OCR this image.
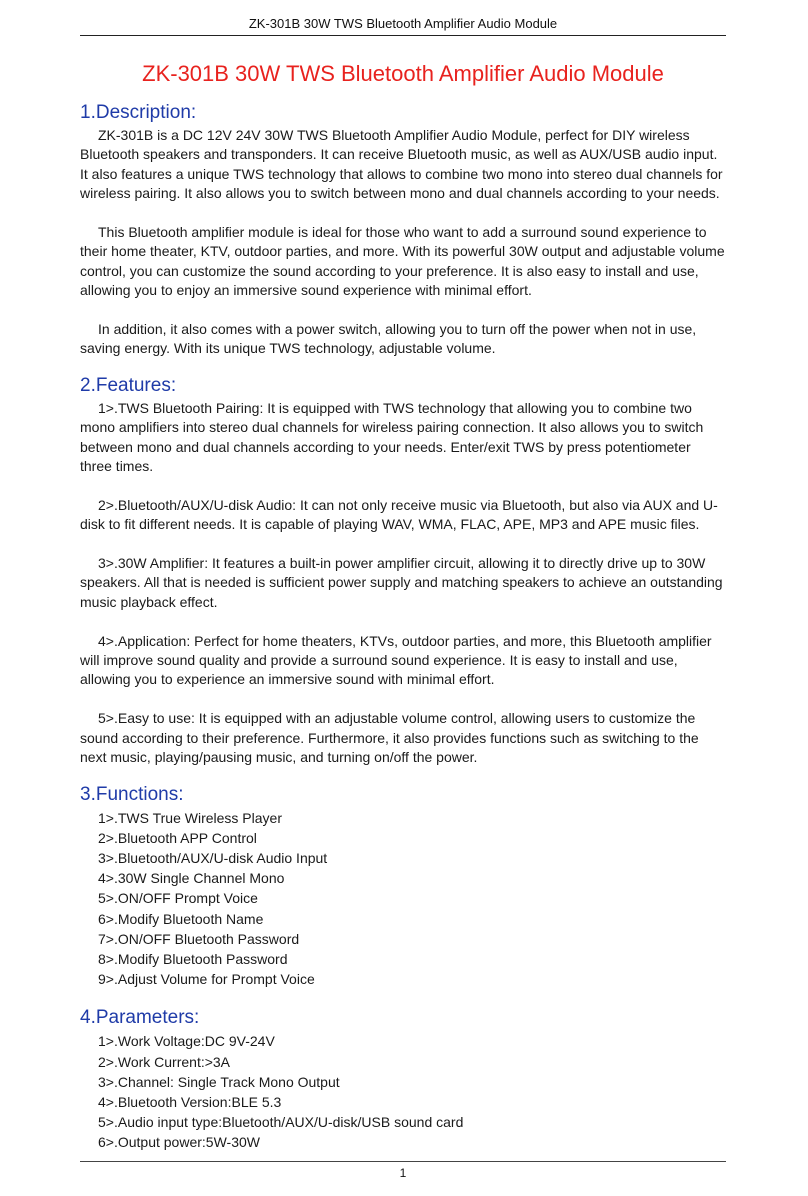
ZK-301B 30W TWS Bluetooth Amplifier Audio Module
ZK-301B 30W TWS Bluetooth Amplifier Audio Module
1.Description:

ZK-301B is a DC 12V 24V 30W TWS Bluetooth Amplifier Audio Module, perfect for DIY wireless Bluetooth speakers and transponders. It can receive Bluetooth music, as well as AUX/USB audio input. It also features a unique TWS technology that allows to combine two mono into stereo dual channels for wireless pairing. It also allows you to switch between mono and dual channels according to your needs.

This Bluetooth amplifier module is ideal for those who want to add a surround sound experience to their home theater, KTV, outdoor parties, and more. With its powerful 30W output and adjustable volume control, you can customize the sound according to your preference. It is also easy to install and use, allowing you to enjoy an immersive sound experience with minimal effort.

In addition, it also comes with a power switch, allowing you to turn off the power when not in use, saving energy. With its unique TWS technology, adjustable volume.

2.Features:

1>.TWS Bluetooth Pairing: It is equipped with TWS technology that allowing you to combine two mono amplifiers into stereo dual channels for wireless pairing connection. It also allows you to switch between mono and dual channels according to your needs. Enter/exit TWS by press potentiometer three times.

2>.Bluetooth/AUX/U-disk Audio: It can not only receive music via Bluetooth, but also via AUX and U-disk to fit different needs. It is capable of playing WAV, WMA, FLAC, APE, MP3 and APE music files.

3>.30W Amplifier: It features a built-in power amplifier circuit, allowing it to directly drive up to 30W speakers. All that is needed is sufficient power supply and matching speakers to achieve an outstanding music playback effect.

4>.Application: Perfect for home theaters, KTVs, outdoor parties, and more, this Bluetooth amplifier will improve sound quality and provide a surround sound experience. It is easy to install and use, allowing you to experience an immersive sound with minimal effort.

5>.Easy to use: It is equipped with an adjustable volume control, allowing users to customize the sound according to their preference. Furthermore, it also provides functions such as switching to the next music, playing/pausing music, and turning on/off the power.

3.Functions:
1>.TWS True Wireless Player
2>.Bluetooth APP Control
3>.Bluetooth/AUX/U-disk Audio Input
4>.30W Single Channel Mono
5>.ON/OFF Prompt Voice
6>.Modify Bluetooth Name
7>.ON/OFF Bluetooth Password
8>.Modify Bluetooth Password
9>.Adjust Volume for Prompt Voice
4.Parameters:
1>.Work Voltage:DC 9V-24V
2>.Work Current:>3A
3>.Channel: Single Track Mono Output
4>.Bluetooth Version:BLE 5.3
5>.Audio input type:Bluetooth/AUX/U-disk/USB sound card
6>.Output power:5W-30W
1
